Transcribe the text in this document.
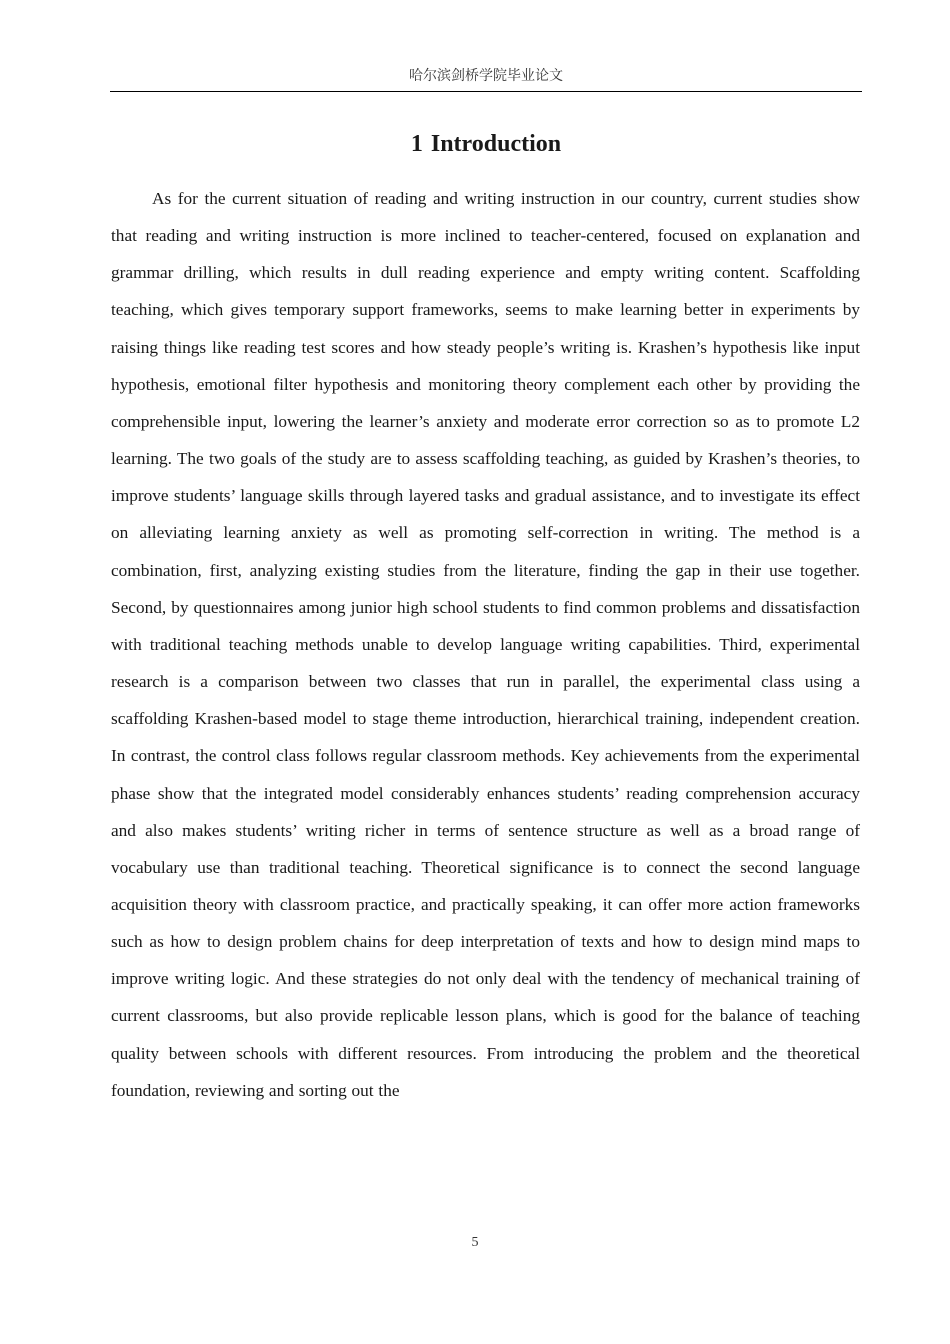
哈尔滨剑桥学院毕业论文
1 Introduction

As for the current situation of reading and writing instruction in our country, current studies show that reading and writing instruction is more inclined to teacher-centered, focused on explanation and grammar drilling, which results in dull reading experience and empty writing content. Scaffolding teaching, which gives temporary support frameworks, seems to make learning better in experiments by raising things like reading test scores and how steady people’s writing is. Krashen’s hypothesis like input hypothesis, emotional filter hypothesis and monitoring theory complement each other by providing the comprehensible input, lowering the learner’s anxiety and moderate error correction so as to promote L2 learning. The two goals of the study are to assess scaffolding teaching, as guided by Krashen’s theories, to improve students’ language skills through layered tasks and gradual assistance, and to investigate its effect on alleviating learning anxiety as well as promoting self-correction in writing. The method is a combination, first, analyzing existing studies from the literature, finding the gap in their use together. Second, by questionnaires among junior high school students to find common problems and dissatisfaction with traditional teaching methods unable to develop language writing capabilities. Third, experimental research is a comparison between two classes that run in parallel, the experimental class using a scaffolding Krashen-based model to stage theme introduction, hierarchical training, independent creation. In contrast, the control class follows regular classroom methods. Key achievements from the experimental phase show that the integrated model considerably enhances students’ reading comprehension accuracy and also makes students’ writing richer in terms of sentence structure as well as a broad range of vocabulary use than traditional teaching. Theoretical significance is to connect the second language acquisition theory with classroom practice, and practically speaking, it can offer more action frameworks such as how to design problem chains for deep interpretation of texts and how to design mind maps to improve writing logic. And these strategies do not only deal with the tendency of mechanical training of current classrooms, but also provide replicable lesson plans, which is good for the balance of teaching quality between schools with different resources. From introducing the problem and the theoretical foundation, reviewing and sorting out the

5
